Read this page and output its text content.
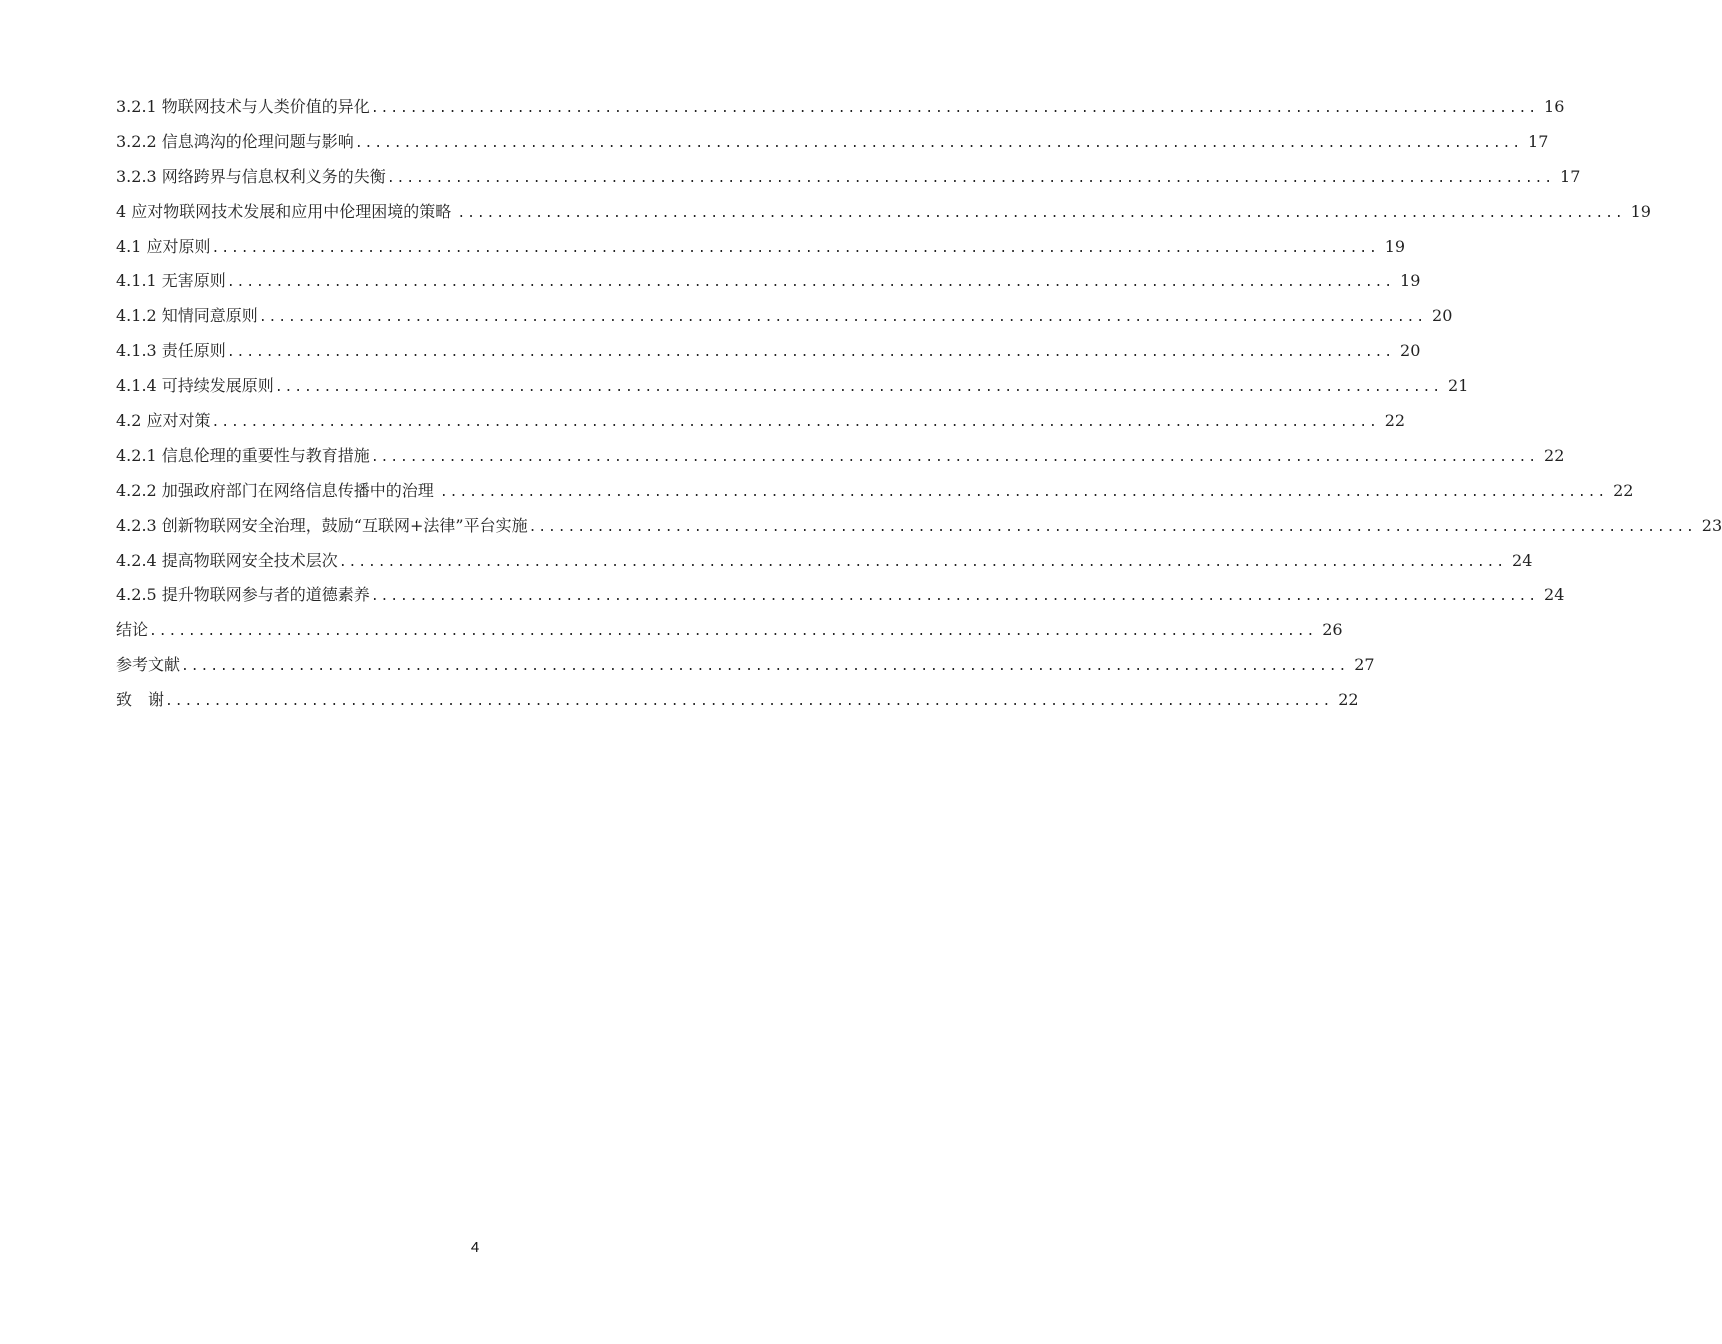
3.2.1 物联网技术与人类价值的异化 ........................................................................................................................ 16
3.2.2 信息鸿沟的伦理问题与影响 ........................................................................................................................ 17
3.2.3 网络跨界与信息权利义务的失衡 ........................................................................................................................ 17
4 应对物联网技术发展和应用中伦理困境的策略 ........................................................................................................................ 19
4.1 应对原则 ........................................................................................................................ 19
4.1.1 无害原则 ........................................................................................................................ 19
4.1.2 知情同意原则 ........................................................................................................................ 20
4.1.3 责任原则 ........................................................................................................................ 20
4.1.4 可持续发展原则 ........................................................................................................................ 21
4.2 应对对策 ........................................................................................................................ 22
4.2.1 信息伦理的重要性与教育措施 ........................................................................................................................ 22
4.2.2 加强政府部门在网络信息传播中的治理 ........................................................................................................................ 22
4.2.3 创新物联网安全治理，鼓励“互联网+法律”平台实施 ........................................................................................................................ 23
4.2.4 提高物联网安全技术层次 ........................................................................................................................ 24
4.2.5 提升物联网参与者的道德素养 ........................................................................................................................ 24
结论 ........................................................................................................................ 26
参考文献 ........................................................................................................................ 27
致　谢 ........................................................................................................................ 22
4
